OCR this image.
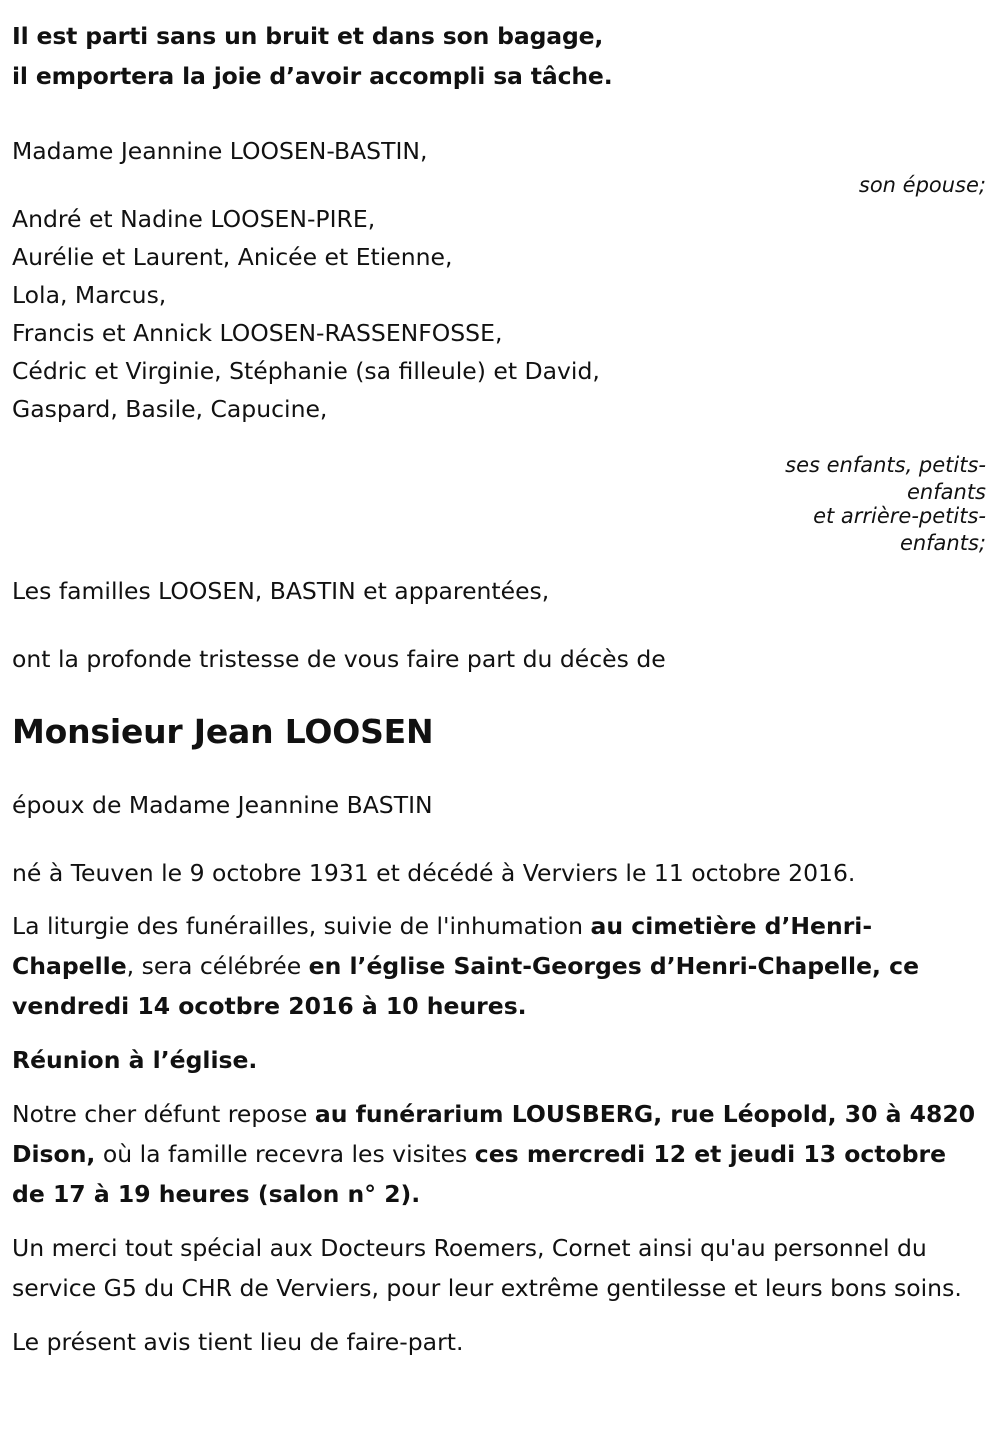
Il est parti sans un bruit et dans son bagage,
il emportera la joie d’avoir accompli sa tâche.
Madame Jeannine LOOSEN-BASTIN,
son épouse;
André et Nadine LOOSEN-PIRE,
Aurélie et Laurent, Anicée et Etienne,
Lola, Marcus,
Francis et Annick LOOSEN-RASSENFOSSE,
Cédric et Virginie, Stéphanie (sa filleule) et David,
Gaspard, Basile, Capucine,
ses enfants, petits-
enfants
et arrière-petits-
enfants;
Les familles LOOSEN, BASTIN et apparentées,
ont la profonde tristesse de vous faire part du décès de
Monsieur Jean LOOSEN
époux de Madame Jeannine BASTIN
né à Teuven le 9 octobre 1931 et décédé à Verviers le 11 octobre 2016.

La liturgie des funérailles, suivie de l'inhumation au cimetière d’Henri-Chapelle, sera célébrée en l’église Saint-Georges d’Henri-Chapelle, ce vendredi 14 ocotbre 2016 à 10 heures.

Réunion à l’église.

Notre cher défunt repose au funérarium LOUSBERG, rue Léopold, 30 à 4820 Dison, où la famille recevra les visites ces mercredi 12 et jeudi 13 octobre de 17 à 19 heures (salon n° 2).

Un merci tout spécial aux Docteurs Roemers, Cornet ainsi qu'au personnel du service G5 du CHR de Verviers, pour leur extrême gentilesse et leurs bons soins.

Le présent avis tient lieu de faire-part.
